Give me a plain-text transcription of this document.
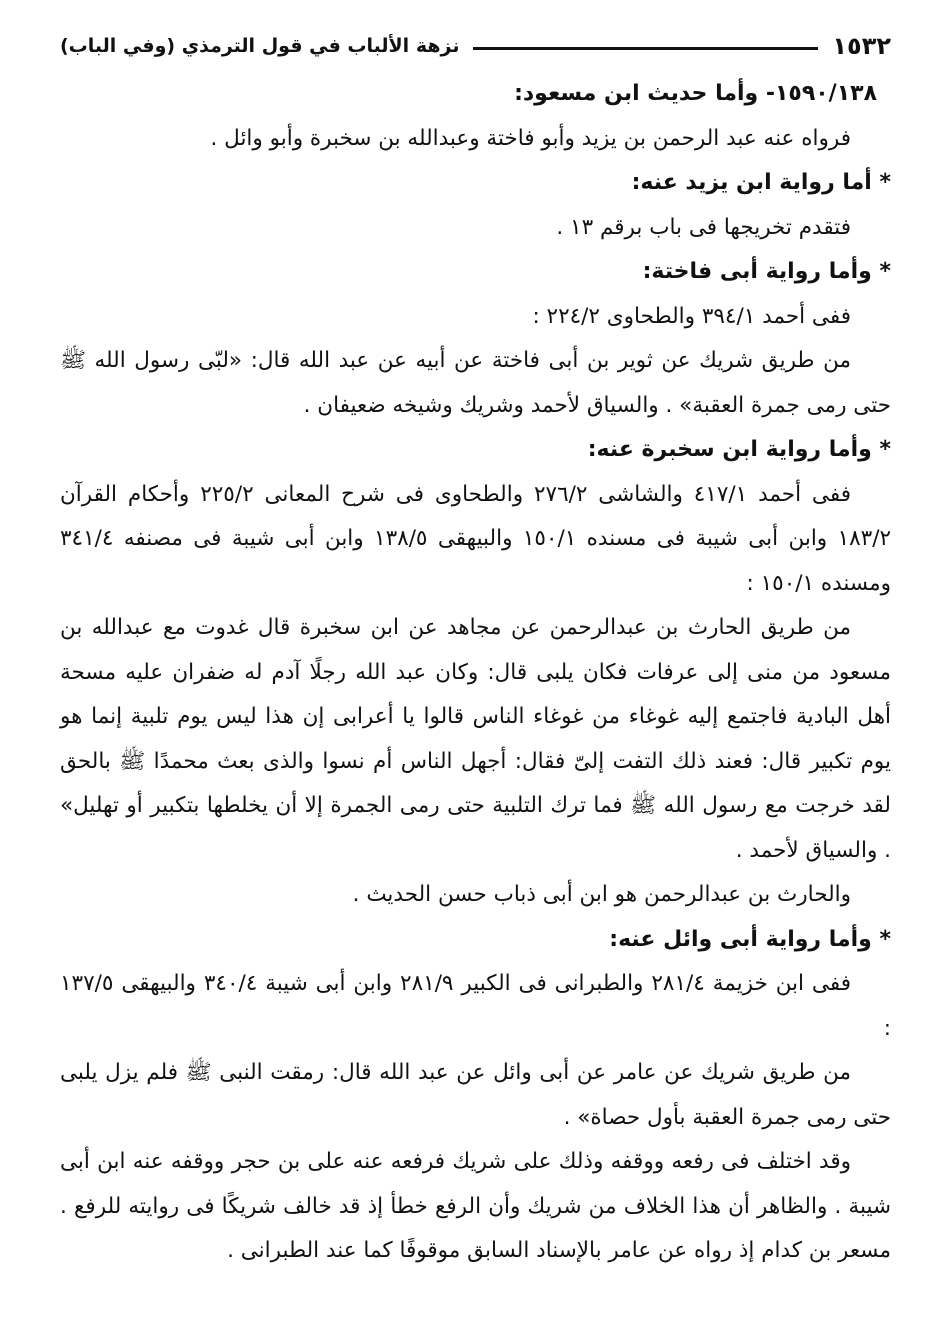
١٥٣٢
نزهة الألباب في قول الترمذي (وفي الباب)

١٥٩٠/١٣٨- وأما حديث ابن مسعود:

فرواه عنه عبد الرحمن بن يزيد وأبو فاختة وعبدالله بن سخبرة وأبو وائل .

* أما رواية ابن يزيد عنه:

فتقدم تخريجها فى باب برقم ١٣ .

* وأما رواية أبى فاختة:

ففى أحمد ٣٩٤/١ والطحاوى ٢٢٤/٢ :

من طريق شريك عن ثوير بن أبى فاختة عن أبيه عن عبد الله قال: «لبّى رسول الله ﷺ حتى رمى جمرة العقبة» . والسياق لأحمد وشريك وشيخه ضعيفان .

* وأما رواية ابن سخبرة عنه:

ففى أحمد ٤١٧/١ والشاشى ٢٧٦/٢ والطحاوى فى شرح المعانى ٢٢٥/٢ وأحكام القرآن ١٨٣/٢ وابن أبى شيبة فى مسنده ١٥٠/١ والبيهقى ١٣٨/٥ وابن أبى شيبة فى مصنفه ٣٤١/٤ ومسنده ١٥٠/١ :

من طريق الحارث بن عبدالرحمن عن مجاهد عن ابن سخبرة قال غدوت مع عبدالله بن مسعود من منى إلى عرفات فكان يلبى قال: وكان عبد الله رجلًا آدم له ضفران عليه مسحة أهل البادية فاجتمع إليه غوغاء من غوغاء الناس قالوا يا أعرابى إن هذا ليس يوم تلبية إنما هو يوم تكبير قال: فعند ذلك التفت إلىّ فقال: أجهل الناس أم نسوا والذى بعث محمدًا ﷺ بالحق لقد خرجت مع رسول الله ﷺ فما ترك التلبية حتى رمى الجمرة إلا أن يخلطها بتكبير أو تهليل» . والسياق لأحمد .

والحارث بن عبدالرحمن هو ابن أبى ذباب حسن الحديث .

* وأما رواية أبى وائل عنه:

ففى ابن خزيمة ٢٨١/٤ والطبرانى فى الكبير ٢٨١/٩ وابن أبى شيبة ٣٤٠/٤ والبيهقى ١٣٧/٥ :

من طريق شريك عن عامر عن أبى وائل عن عبد الله قال: رمقت النبى ﷺ فلم يزل يلبى حتى رمى جمرة العقبة بأول حصاة» .

وقد اختلف فى رفعه ووقفه وذلك على شريك فرفعه عنه على بن حجر ووقفه عنه ابن أبى شيبة . والظاهر أن هذا الخلاف من شريك وأن الرفع خطأ إذ قد خالف شريكًا فى روايته للرفع . مسعر بن كدام إذ رواه عن عامر بالإسناد السابق موقوفًا كما عند الطبرانى .
